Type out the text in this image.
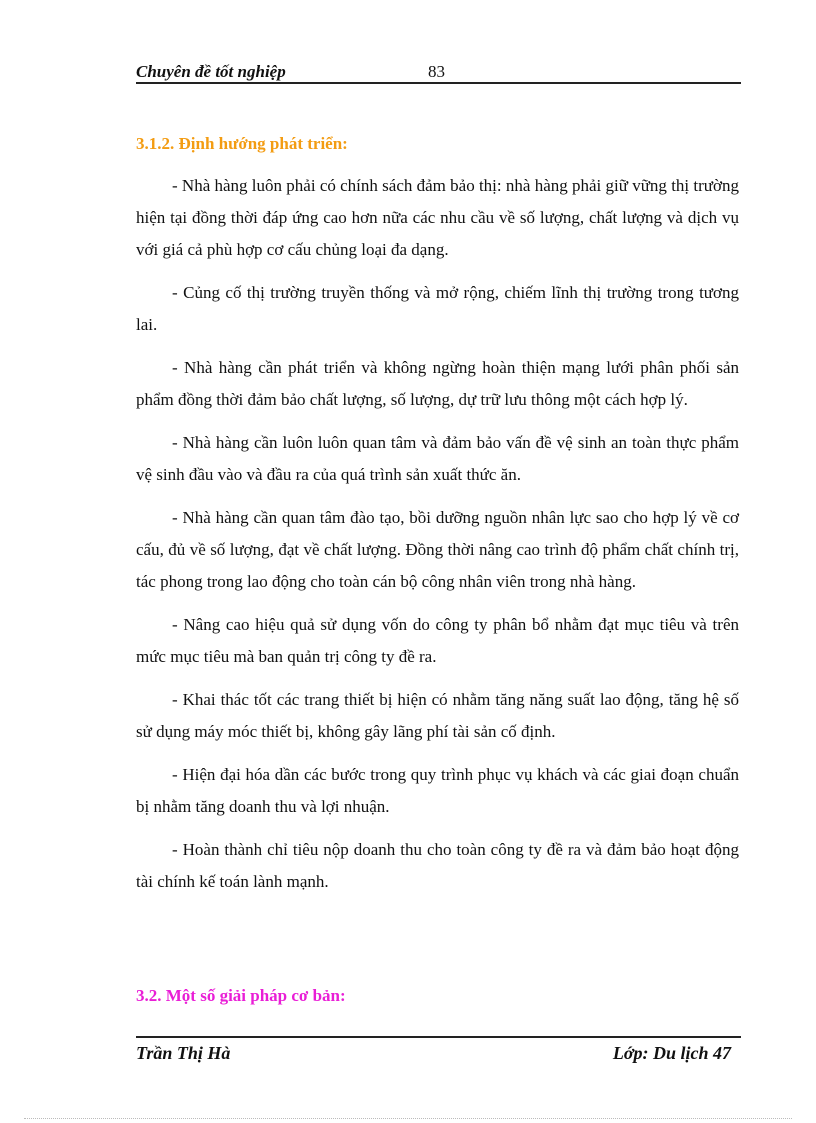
Chuyên đề tốt nghiệp	83
3.1.2. Định hướng phát triển:

- Nhà hàng luôn phải có chính sách đảm bảo thị: nhà hàng phải giữ vững thị trường hiện tại đồng thời đáp ứng cao hơn nữa các nhu cầu về số lượng, chất lượng và dịch vụ với giá cả phù hợp cơ cấu chủng loại đa dạng.

- Củng cố thị trường truyền thống và mở rộng, chiếm lĩnh thị trường trong tương lai.

- Nhà hàng cần phát triển và không ngừng hoàn thiện mạng lưới phân phối sản phẩm đồng thời đảm bảo chất lượng, số lượng, dự trữ lưu thông một cách hợp lý.

- Nhà hàng cần luôn luôn quan tâm và đảm bảo vấn đề vệ sinh an toàn thực phẩm vệ sinh đầu vào và đầu ra của quá trình sản xuất thức ăn.

- Nhà hàng cần quan tâm đào tạo, bồi dưỡng nguồn nhân lực sao cho hợp lý về cơ cấu, đủ về số lượng, đạt về chất lượng. Đồng thời nâng cao trình độ phẩm chất chính trị, tác phong trong lao động cho toàn cán bộ công nhân viên trong nhà hàng.

- Nâng cao hiệu quả sử dụng vốn do công ty phân bổ nhằm đạt mục tiêu và trên mức mục tiêu mà ban quản trị công ty đề ra.

- Khai thác tốt các trang thiết bị hiện có nhằm tăng năng suất lao động, tăng hệ số sử dụng máy móc thiết bị, không gây lãng phí tài sản cố định.

- Hiện đại hóa dần các bước trong quy trình phục vụ khách và các giai đoạn chuẩn bị nhằm tăng doanh thu và lợi nhuận.

- Hoàn thành chỉ tiêu nộp doanh thu cho toàn công ty đề ra và đảm bảo hoạt động tài chính kế toán lành mạnh.

3.2. Một số giải pháp cơ bản:
Trần Thị Hà	Lớp: Du lịch 47
